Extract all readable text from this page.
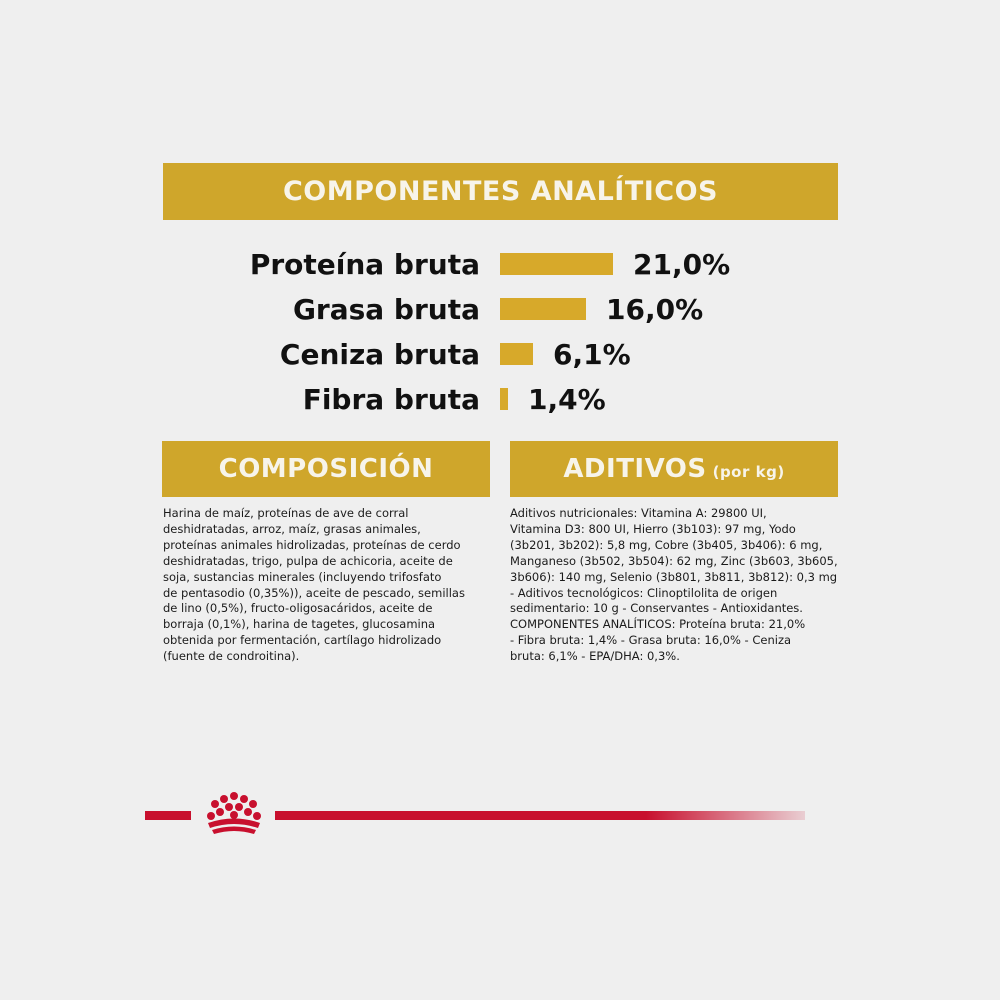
COMPONENTES ANALÍTICOS
Proteína bruta	21,0%
Grasa bruta	16,0%
Ceniza bruta	6,1%
Fibra bruta 1,4%
COMPOSICIÓN	ADITIVOS (por kg)
Harina de maíz, proteínas de ave de corral
deshidratadas, arroz, maíz, grasas animales,
proteínas animales hidrolizadas, proteínas de cerdo
deshidratadas, trigo, pulpa de achicoria, aceite de
soja, sustancias minerales (incluyendo trifosfato
de pentasodio (0,35%)), aceite de pescado, semillas
de lino (0,5%), fructo-oligosacáridos, aceite de
borraja (0,1%), harina de tagetes, glucosamina
obtenida por fermentación, cartílago hidrolizado
(fuente de condroitina).
Aditivos nutricionales: Vitamina A: 29800 UI,
Vitamina D3: 800 UI, Hierro (3b103): 97 mg, Yodo
(3b201, 3b202): 5,8 mg, Cobre (3b405, 3b406): 6 mg,
Manganeso (3b502, 3b504): 62 mg, Zinc (3b603, 3b605,
3b606): 140 mg, Selenio (3b801, 3b811, 3b812): 0,3 mg
- Aditivos tecnológicos: Clinoptilolita de origen
sedimentario: 10 g - Conservantes - Antioxidantes.
COMPONENTES ANALÍTICOS: Proteína bruta: 21,0%
- Fibra bruta: 1,4% - Grasa bruta: 16,0% - Ceniza
bruta: 6,1% - EPA/DHA: 0,3%.
